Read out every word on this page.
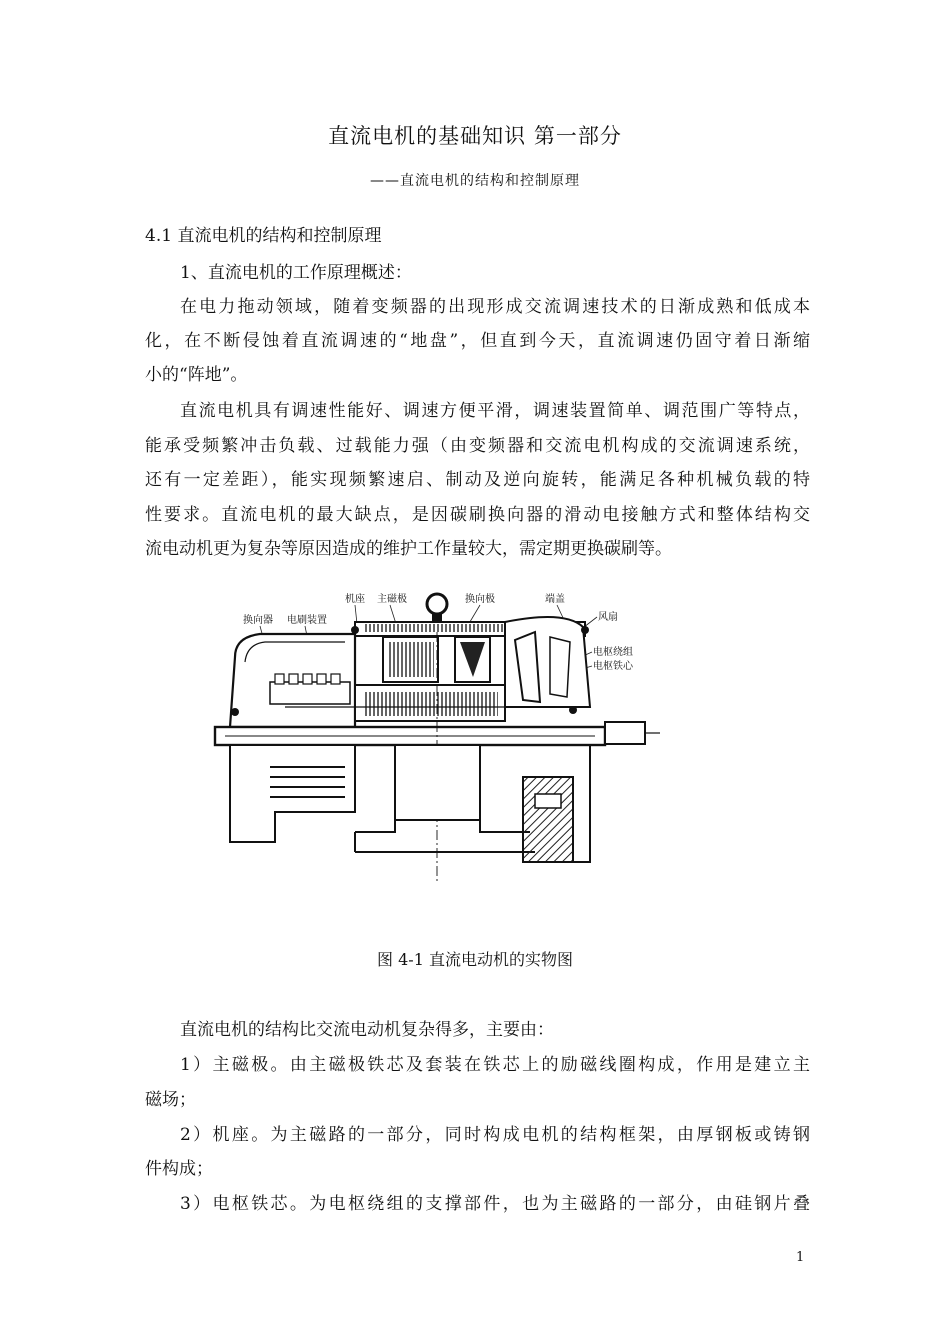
直流电机的基础知识 第一部分
——直流电机的结构和控制原理
4.1 直流电机的结构和控制原理
1、直流电机的工作原理概述：
在电力拖动领域，随着变频器的出现形成交流调速技术的日渐成熟和低成本
化，在不断侵蚀着直流调速的“地盘”，但直到今天，直流调速仍固守着日渐缩
小的“阵地”。
直流电机具有调速性能好、调速方便平滑，调速装置简单、调范围广等特点，
能承受频繁冲击负载、过载能力强（由变频器和交流电机构成的交流调速系统，
还有一定差距），能实现频繁速启、制动及逆向旋转，能满足各种机械负载的特
性要求。直流电机的最大缺点，是因碳刷换向器的滑动电接触方式和整体结构交
流电动机更为复杂等原因造成的维护工作量较大，需定期更换碳刷等。
换向器 电刷装置
机座 主磁极	换向极	端盖
风扇
电枢绕组
电枢铁心
图 4-1 直流电动机的实物图
直流电机的结构比交流电动机复杂得多，主要由：
1）主磁极。由主磁极铁芯及套装在铁芯上的励磁线圈构成，作用是建立主
磁场；
2）机座。为主磁路的一部分，同时构成电机的结构框架，由厚钢板或铸钢
件构成；
3）电枢铁芯。为电枢绕组的支撑部件，也为主磁路的一部分，由硅钢片叠
1
